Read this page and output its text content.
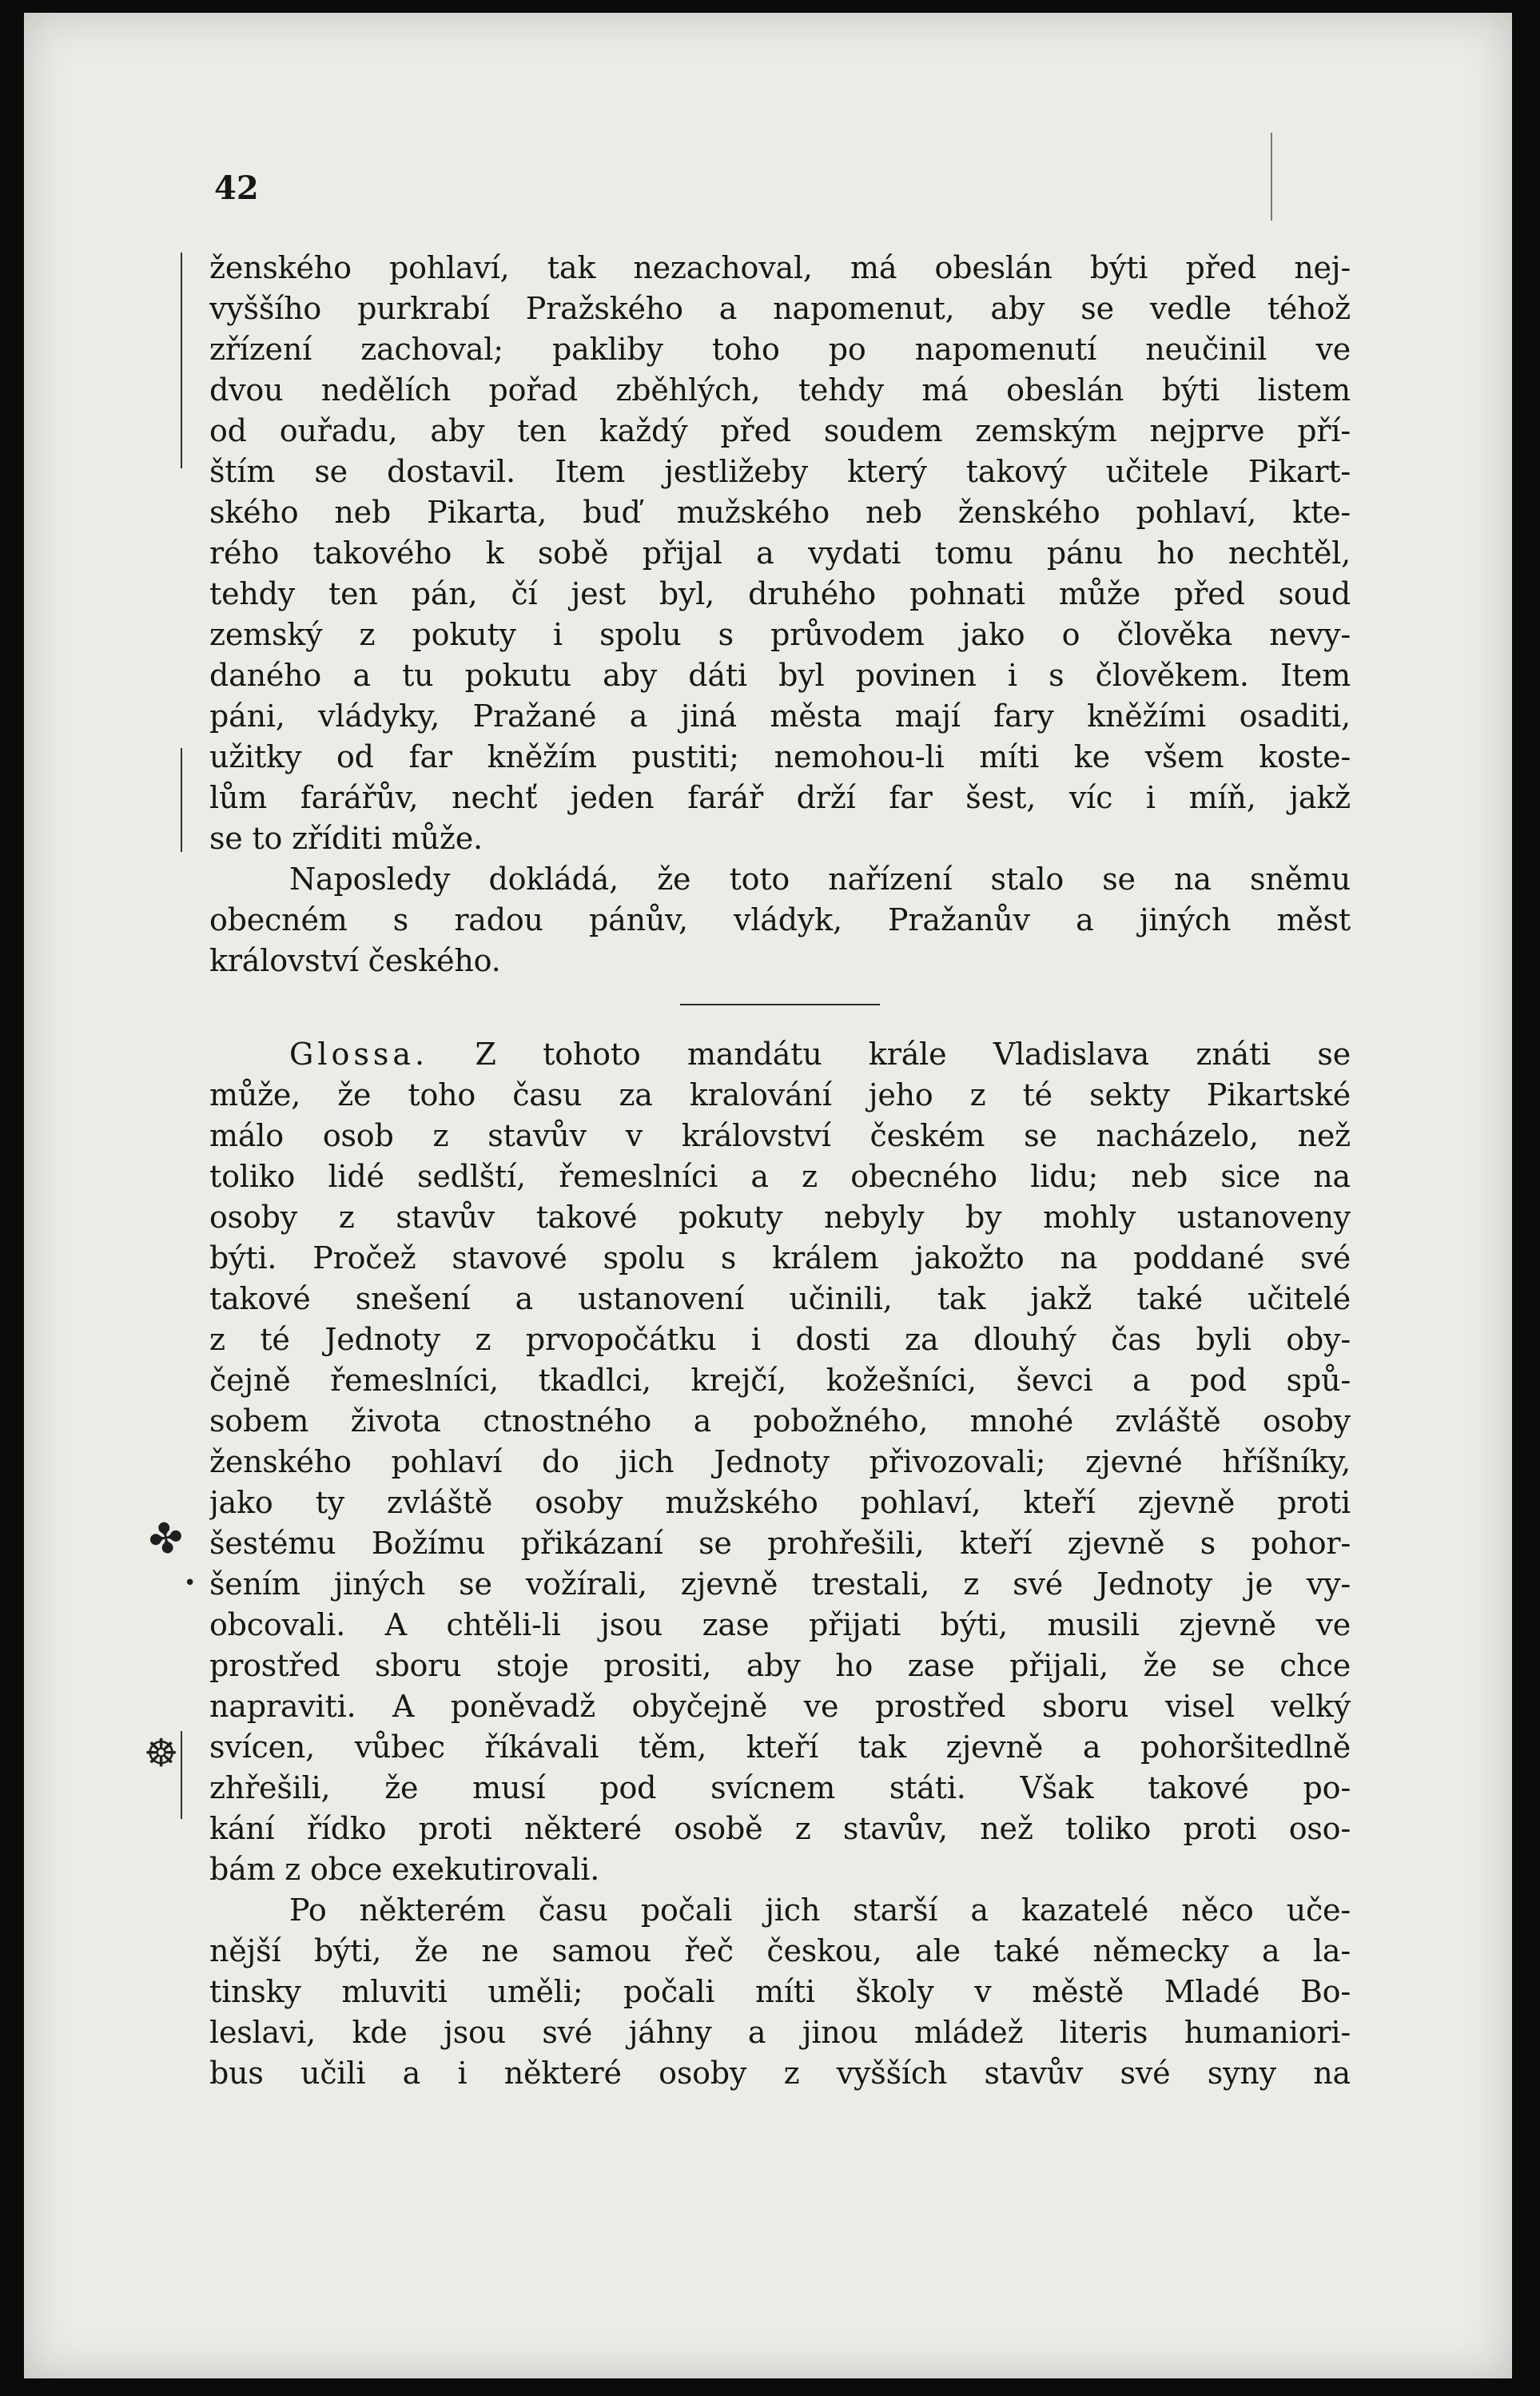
42
✤
☸
•
ženského pohlaví, tak nezachoval, má obeslán býti před nej-
vyššího purkrabí Pražského a napomenut, aby se vedle téhož
zřízení zachoval; pakliby toho po napomenutí neučinil ve
dvou nedělích pořad zběhlých, tehdy má obeslán býti listem
od ouřadu, aby ten každý před soudem zemským nejprve pří-
štím se dostavil. Item jestližeby který takový učitele Pikart-
ského neb Pikarta, buď mužského neb ženského pohlaví, kte-
rého takového k sobě přijal a vydati tomu pánu ho nechtěl,
tehdy ten pán, čí jest byl, druhého pohnati může před soud
zemský z pokuty i spolu s průvodem jako o člověka nevy-
daného a tu pokutu aby dáti byl povinen i s člověkem. Item
páni, vládyky, Pražané a jiná města mají fary kněžími osaditi,
užitky od far kněžím pustiti; nemohou-li míti ke všem koste-
lům farářův, nechť jeden farář drží far šest, víc i míň, jakž
se to zříditi může.
Naposledy dokládá, že toto nařízení stalo se na sněmu
obecném s radou pánův, vládyk, Pražanův a jiných měst
království českého.
Glossa. Z tohoto mandátu krále Vladislava znáti se
může, že toho času za kralování jeho z té sekty Pikartské
málo osob z stavův v království českém se nacházelo, než
toliko lidé sedlští, řemeslníci a z obecného lidu; neb sice na
osoby z stavův takové pokuty nebyly by mohly ustanoveny
býti. Pročež stavové spolu s králem jakožto na poddané své
takové snešení a ustanovení učinili, tak jakž také učitelé
z té Jednoty z prvopočátku i dosti za dlouhý čas byli oby-
čejně řemeslníci, tkadlci, krejčí, kožešníci, ševci a pod spů-
sobem života ctnostného a pobožného, mnohé zvláště osoby
ženského pohlaví do jich Jednoty přivozovali; zjevné hříšníky,
jako ty zvláště osoby mužského pohlaví, kteří zjevně proti
šestému Božímu přikázaní se prohřešili, kteří zjevně s pohor-
šením jiných se vožírali, zjevně trestali, z své Jednoty je vy-
obcovali. A chtěli-li jsou zase přijati býti, musili zjevně ve
prostřed sboru stoje prositi, aby ho zase přijali, že se chce
napraviti. A poněvadž obyčejně ve prostřed sboru visel velký
svícen, vůbec říkávali těm, kteří tak zjevně a pohoršitedlně
zhřešili, že musí pod svícnem státi. Však takové po-
kání řídko proti některé osobě z stavův, než toliko proti oso-
bám z obce exekutirovali.
Po některém času počali jich starší a kazatelé něco uče-
nější býti, že ne samou řeč českou, ale také německy a la-
tinsky mluviti uměli; počali míti školy v městě Mladé Bo-
leslavi, kde jsou své jáhny a jinou mládež literis humaniori-
bus učili a i některé osoby z vyšších stavův své syny na
